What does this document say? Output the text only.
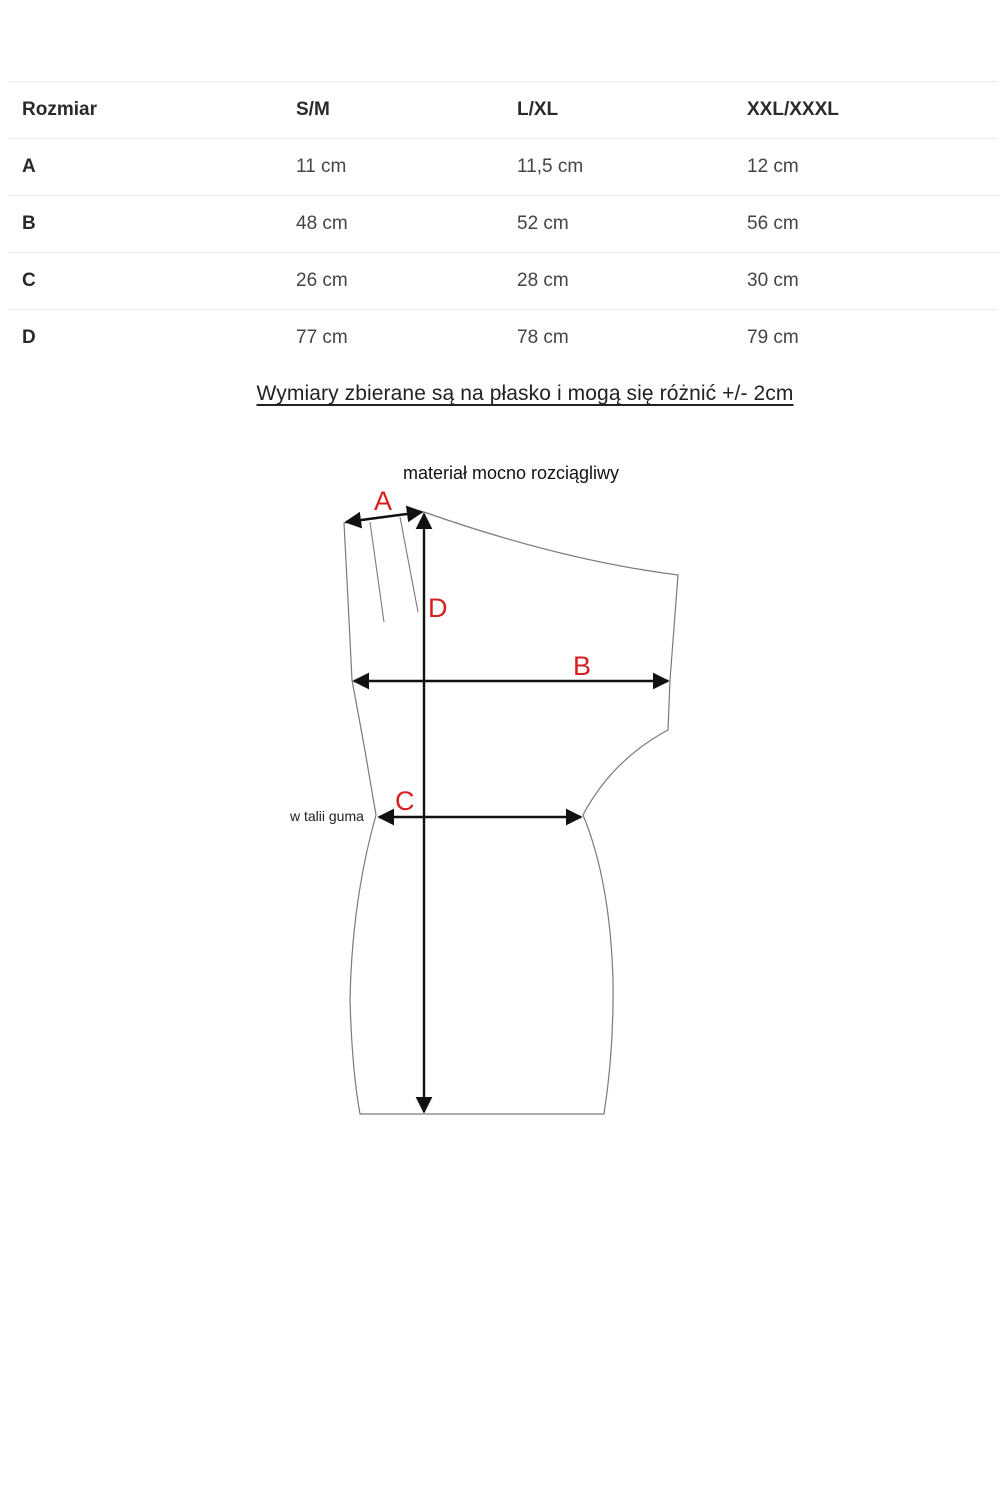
Rozmiar	S/M	L/XL	XXL/XXXL
A	11 cm	11,5 cm	12 cm
B	48 cm	52 cm	56 cm
C	26 cm	28 cm	30 cm
D	77 cm	78 cm	79 cm
Wymiary zbierane są na płasko i mogą się różnić +/- 2cm
materiał mocno rozciągliwy
A
D
B
C
w talii guma
